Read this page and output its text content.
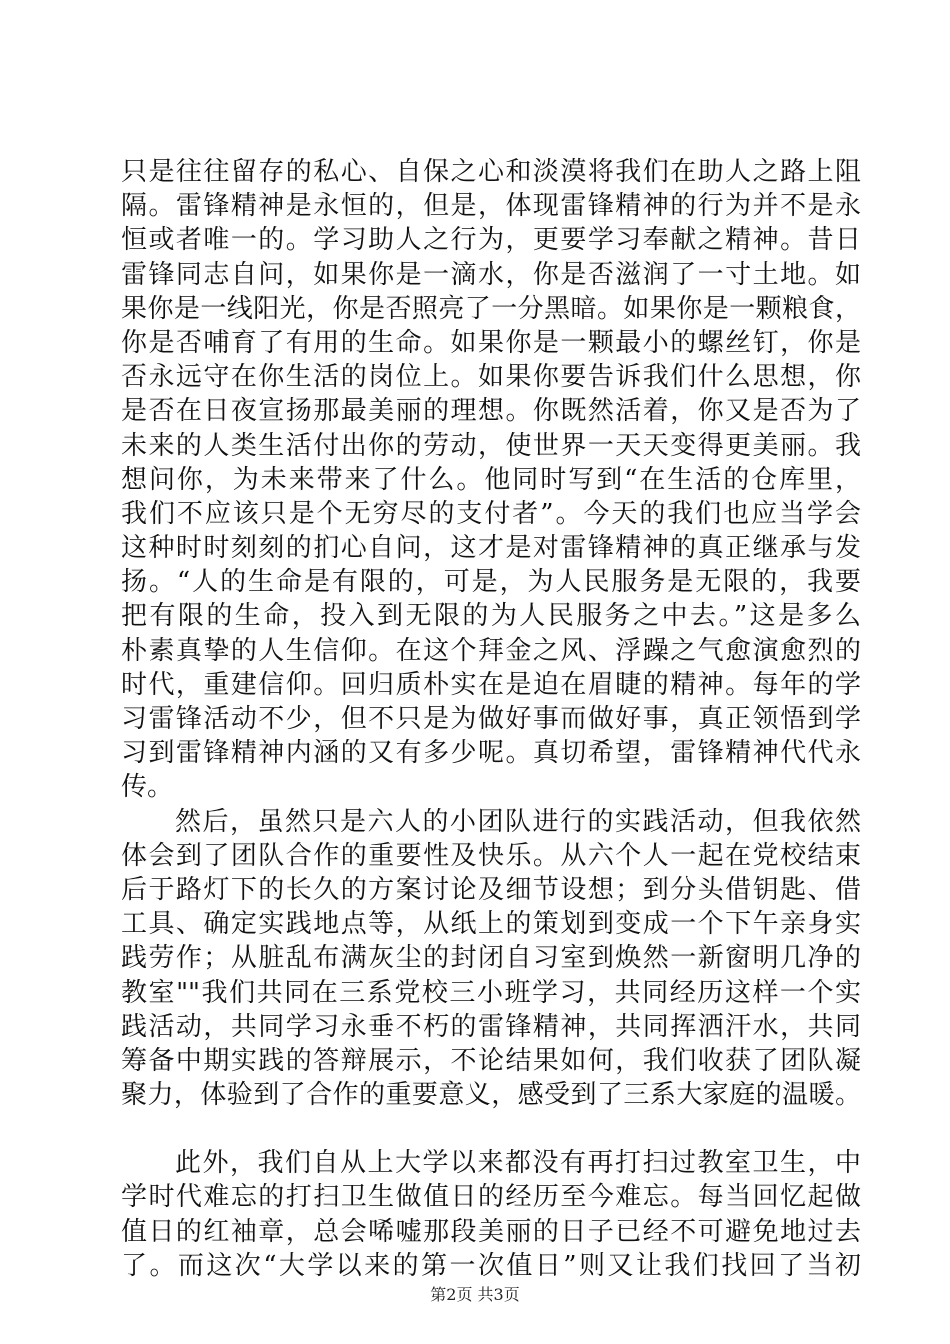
只是往往留存的私心、自保之心和淡漠将我们在助人之路上阻
隔。雷锋精神是永恒的，但是，体现雷锋精神的行为并不是永
恒或者唯一的。学习助人之行为，更要学习奉献之精神。昔日
雷锋同志自问，如果你是一滴水，你是否滋润了一寸土地。如
果你是一线阳光，你是否照亮了一分黑暗。如果你是一颗粮食，
你是否哺育了有用的生命。如果你是一颗最小的螺丝钉，你是
否永远守在你生活的岗位上。如果你要告诉我们什么思想，你
是否在日夜宣扬那最美丽的理想。你既然活着，你又是否为了
未来的人类生活付出你的劳动，使世界一天天变得更美丽。我
想问你，为未来带来了什么。他同时写到“在生活的仓库里，
我们不应该只是个无穷尽的支付者”。今天的我们也应当学会
这种时时刻刻的扪心自问，这才是对雷锋精神的真正继承与发
扬。“人的生命是有限的，可是，为人民服务是无限的，我要
把有限的生命，投入到无限的为人民服务之中去。”这是多么
朴素真挚的人生信仰。在这个拜金之风、浮躁之气愈演愈烈的
时代，重建信仰。回归质朴实在是迫在眉睫的精神。每年的学
习雷锋活动不少，但不只是为做好事而做好事，真正领悟到学
习到雷锋精神内涵的又有多少呢。真切希望，雷锋精神代代永
传。
然后，虽然只是六人的小团队进行的实践活动，但我依然
体会到了团队合作的重要性及快乐。从六个人一起在党校结束
后于路灯下的长久的方案讨论及细节设想；到分头借钥匙、借
工具、确定实践地点等，从纸上的策划到变成一个下午亲身实
践劳作；从脏乱布满灰尘的封闭自习室到焕然一新窗明几净的
教室""我们共同在三系党校三小班学习，共同经历这样一个实
践活动，共同学习永垂不朽的雷锋精神，共同挥洒汗水，共同
筹备中期实践的答辩展示，不论结果如何，我们收获了团队凝
聚力，体验到了合作的重要意义，感受到了三系大家庭的温暖。
此外，我们自从上大学以来都没有再打扫过教室卫生，中
学时代难忘的打扫卫生做值日的经历至今难忘。每当回忆起做
值日的红袖章，总会唏嘘那段美丽的日子已经不可避免地过去
了。而这次“大学以来的第一次值日”则又让我们找回了当初
第2页 共3页
